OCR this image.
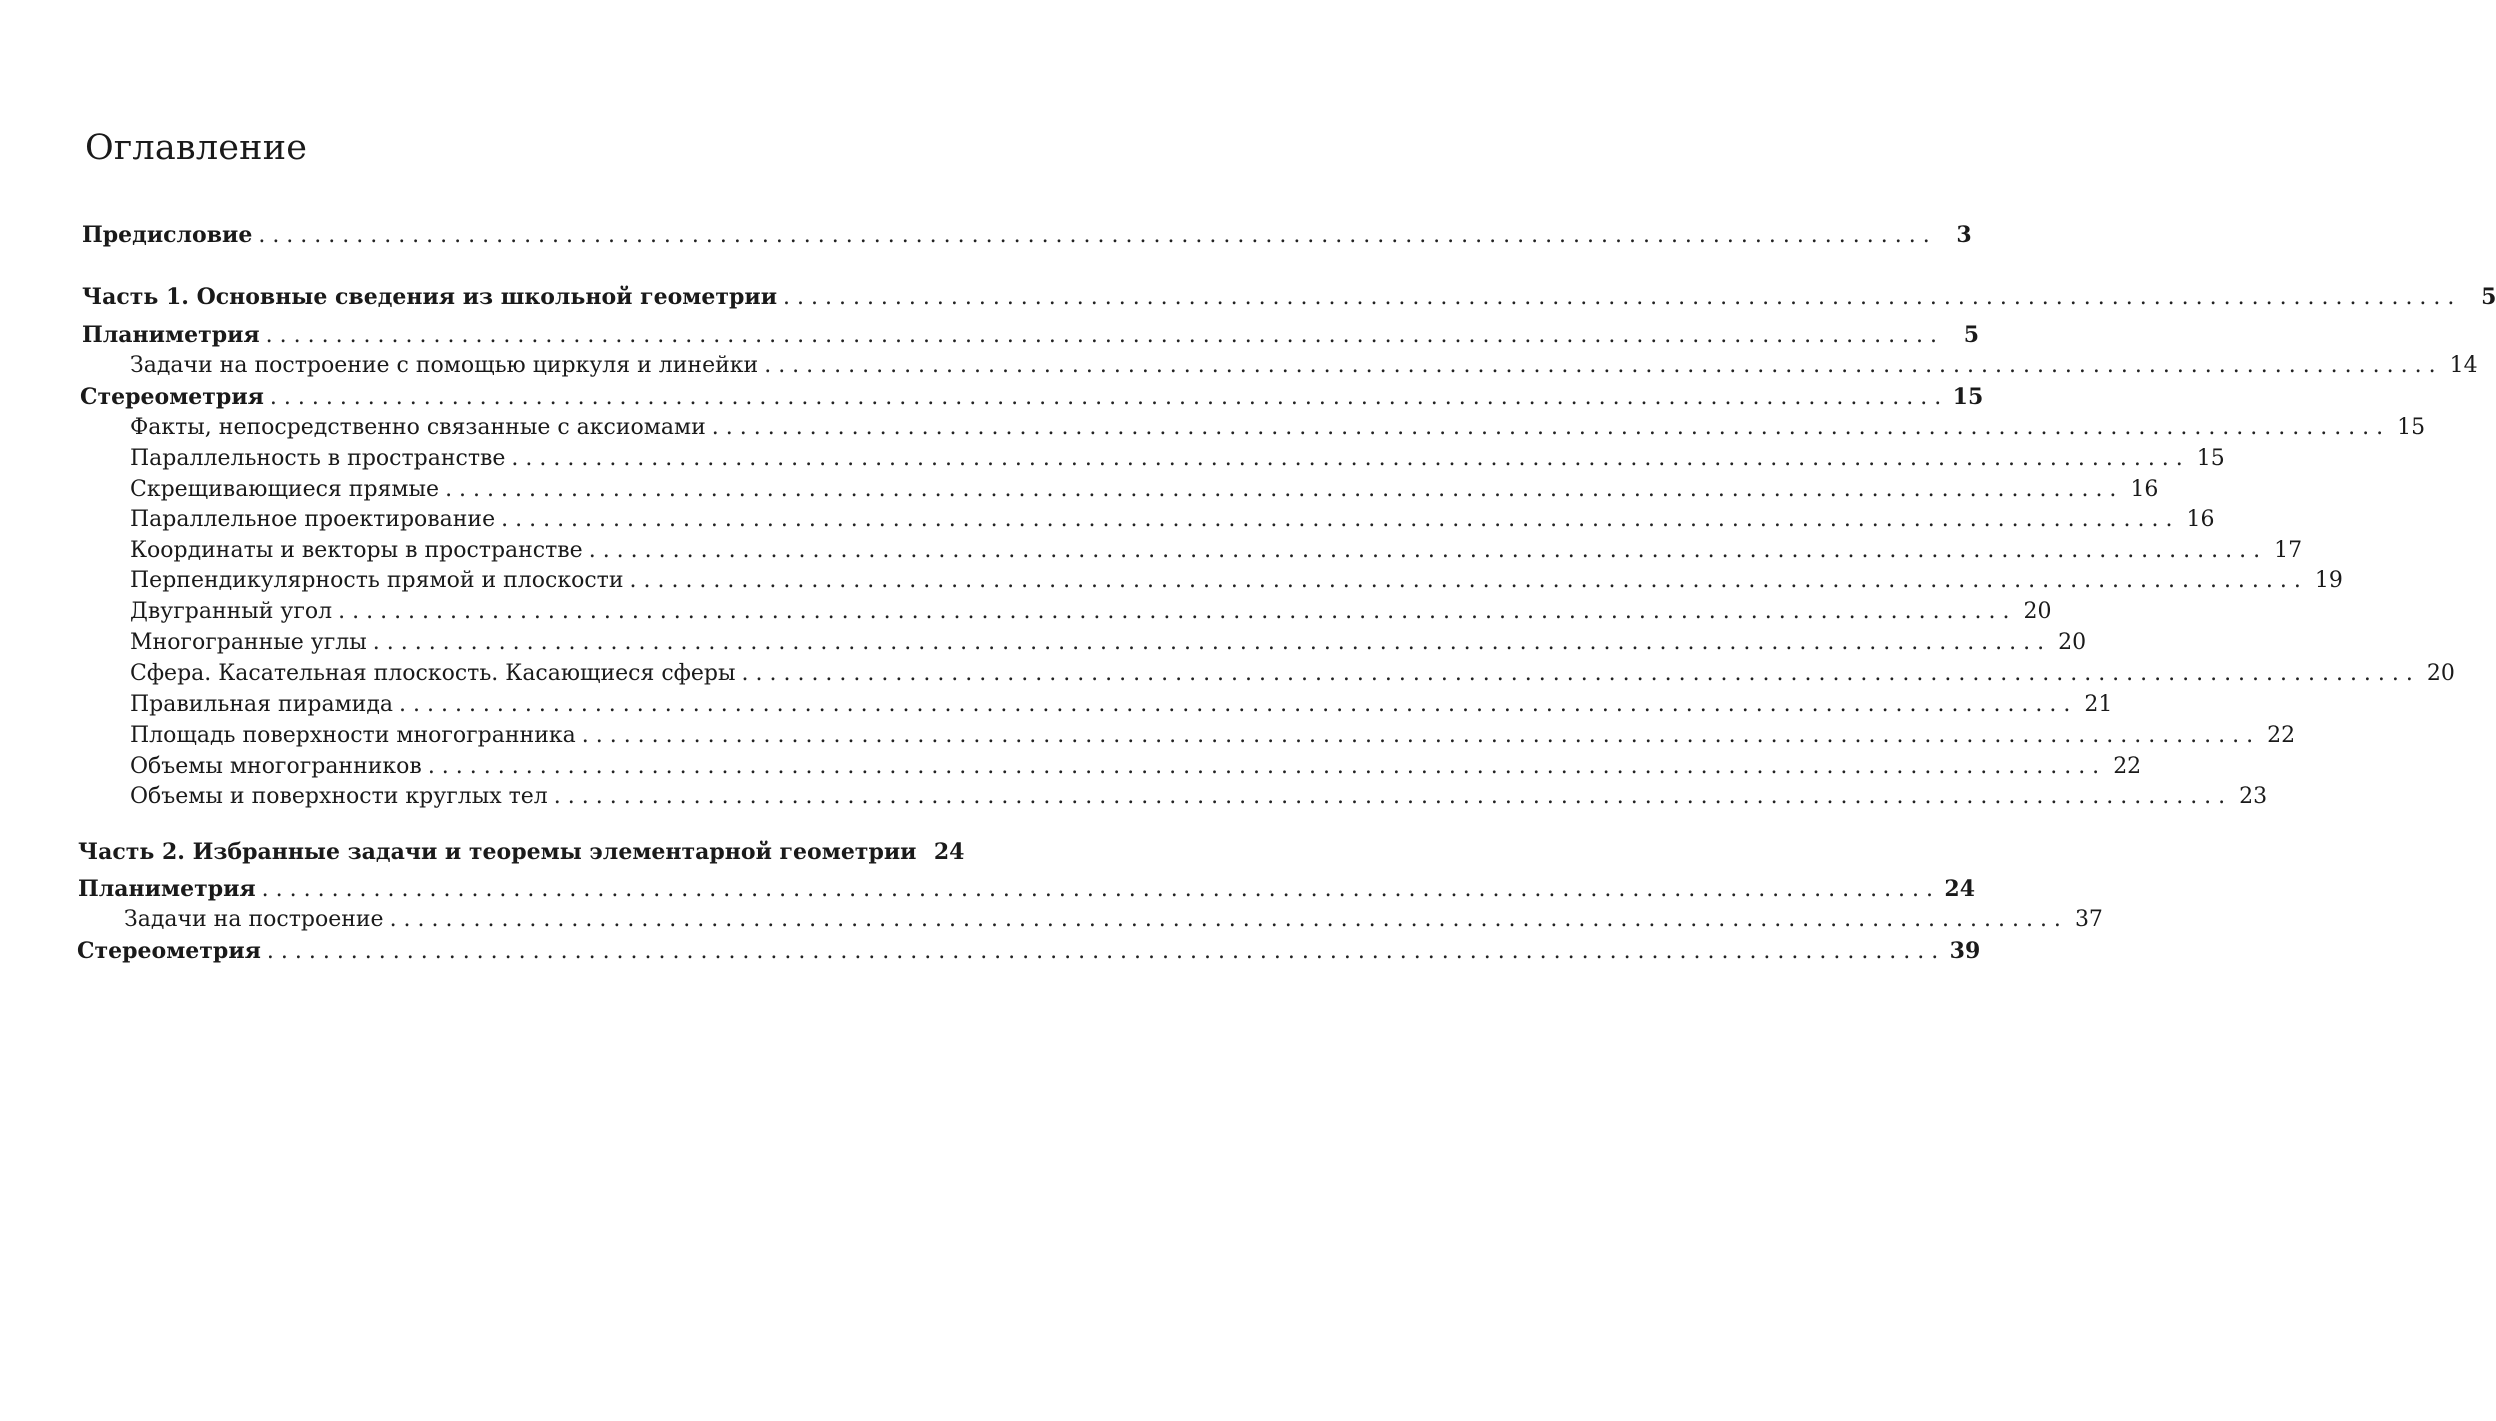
Оглавление
Предисловие . . . . . . . . . . . . . . . . . . . . . . . . . . . . . . . . . . . . . . . . . . . . . . . . . . . . . . . . . . . . . . . . . . . . . . . . . . . . . . . . . . . . . . . . . . . . . . . . . . . . . . . . . . . . . . . . . . . . . . . .	3
Часть 1. Основные сведения из школьной геометрии . . . . . . . . . . . . . . . . . . . . . . . . . . . . . . . . . . . . . . . . . . . . . . . . . . . . . . . . . . . . . . . . . . . . . . . . . . . . . . . . . . . . . . . . . . . . . . . . . . . . . . . . . . . . . . . . . . . . . . . .	5
Планиметрия . . . . . . . . . . . . . . . . . . . . . . . . . . . . . . . . . . . . . . . . . . . . . . . . . . . . . . . . . . . . . . . . . . . . . . . . . . . . . . . . . . . . . . . . . . . . . . . . . . . . . . . . . . . . . . . . . . . . . . . .	5
Задачи на построение с помощью циркуля и линейки . . . . . . . . . . . . . . . . . . . . . . . . . . . . . . . . . . . . . . . . . . . . . . . . . . . . . . . . . . . . . . . . . . . . . . . . . . . . . . . . . . . . . . . . . . . . . . . . . . . . . . . . . . . . . . . . . . . . . . . . 14
Стереометрия . . . . . . . . . . . . . . . . . . . . . . . . . . . . . . . . . . . . . . . . . . . . . . . . . . . . . . . . . . . . . . . . . . . . . . . . . . . . . . . . . . . . . . . . . . . . . . . . . . . . . . . . . . . . . . . . . . . . . . . . 15
Факты, непосредственно связанные с аксиомами . . . . . . . . . . . . . . . . . . . . . . . . . . . . . . . . . . . . . . . . . . . . . . . . . . . . . . . . . . . . . . . . . . . . . . . . . . . . . . . . . . . . . . . . . . . . . . . . . . . . . . . . . . . . . . . . . . . . . . . . 15
Параллельность в пространстве . . . . . . . . . . . . . . . . . . . . . . . . . . . . . . . . . . . . . . . . . . . . . . . . . . . . . . . . . . . . . . . . . . . . . . . . . . . . . . . . . . . . . . . . . . . . . . . . . . . . . . . . . . . . . . . . . . . . . . . . 15
Скрещивающиеся прямые . . . . . . . . . . . . . . . . . . . . . . . . . . . . . . . . . . . . . . . . . . . . . . . . . . . . . . . . . . . . . . . . . . . . . . . . . . . . . . . . . . . . . . . . . . . . . . . . . . . . . . . . . . . . . . . . . . . . . . . . 16
Параллельное проектирование . . . . . . . . . . . . . . . . . . . . . . . . . . . . . . . . . . . . . . . . . . . . . . . . . . . . . . . . . . . . . . . . . . . . . . . . . . . . . . . . . . . . . . . . . . . . . . . . . . . . . . . . . . . . . . . . . . . . . . . . 16
Координаты и векторы в пространстве . . . . . . . . . . . . . . . . . . . . . . . . . . . . . . . . . . . . . . . . . . . . . . . . . . . . . . . . . . . . . . . . . . . . . . . . . . . . . . . . . . . . . . . . . . . . . . . . . . . . . . . . . . . . . . . . . . . . . . . . 17
Перпендикулярность прямой и плоскости . . . . . . . . . . . . . . . . . . . . . . . . . . . . . . . . . . . . . . . . . . . . . . . . . . . . . . . . . . . . . . . . . . . . . . . . . . . . . . . . . . . . . . . . . . . . . . . . . . . . . . . . . . . . . . . . . . . . . . . . 19
Двугранный угол . . . . . . . . . . . . . . . . . . . . . . . . . . . . . . . . . . . . . . . . . . . . . . . . . . . . . . . . . . . . . . . . . . . . . . . . . . . . . . . . . . . . . . . . . . . . . . . . . . . . . . . . . . . . . . . . . . . . . . . . 20
Многогранные углы . . . . . . . . . . . . . . . . . . . . . . . . . . . . . . . . . . . . . . . . . . . . . . . . . . . . . . . . . . . . . . . . . . . . . . . . . . . . . . . . . . . . . . . . . . . . . . . . . . . . . . . . . . . . . . . . . . . . . . . . 20
Сфера. Касательная плоскость. Касающиеся сферы . . . . . . . . . . . . . . . . . . . . . . . . . . . . . . . . . . . . . . . . . . . . . . . . . . . . . . . . . . . . . . . . . . . . . . . . . . . . . . . . . . . . . . . . . . . . . . . . . . . . . . . . . . . . . . . . . . . . . . . . 20
Правильная пирамида . . . . . . . . . . . . . . . . . . . . . . . . . . . . . . . . . . . . . . . . . . . . . . . . . . . . . . . . . . . . . . . . . . . . . . . . . . . . . . . . . . . . . . . . . . . . . . . . . . . . . . . . . . . . . . . . . . . . . . . . 21
Площадь поверхности многогранника . . . . . . . . . . . . . . . . . . . . . . . . . . . . . . . . . . . . . . . . . . . . . . . . . . . . . . . . . . . . . . . . . . . . . . . . . . . . . . . . . . . . . . . . . . . . . . . . . . . . . . . . . . . . . . . . . . . . . . . . 22
Объемы многогранников . . . . . . . . . . . . . . . . . . . . . . . . . . . . . . . . . . . . . . . . . . . . . . . . . . . . . . . . . . . . . . . . . . . . . . . . . . . . . . . . . . . . . . . . . . . . . . . . . . . . . . . . . . . . . . . . . . . . . . . . 22
Объемы и поверхности круглых тел . . . . . . . . . . . . . . . . . . . . . . . . . . . . . . . . . . . . . . . . . . . . . . . . . . . . . . . . . . . . . . . . . . . . . . . . . . . . . . . . . . . . . . . . . . . . . . . . . . . . . . . . . . . . . . . . . . . . . . . . 23
Часть 2. Избранные задачи и теоремы элементарной геометрии 24
Планиметрия . . . . . . . . . . . . . . . . . . . . . . . . . . . . . . . . . . . . . . . . . . . . . . . . . . . . . . . . . . . . . . . . . . . . . . . . . . . . . . . . . . . . . . . . . . . . . . . . . . . . . . . . . . . . . . . . . . . . . . . . 24
Задачи на построение . . . . . . . . . . . . . . . . . . . . . . . . . . . . . . . . . . . . . . . . . . . . . . . . . . . . . . . . . . . . . . . . . . . . . . . . . . . . . . . . . . . . . . . . . . . . . . . . . . . . . . . . . . . . . . . . . . . . . . . . 37
Стереометрия . . . . . . . . . . . . . . . . . . . . . . . . . . . . . . . . . . . . . . . . . . . . . . . . . . . . . . . . . . . . . . . . . . . . . . . . . . . . . . . . . . . . . . . . . . . . . . . . . . . . . . . . . . . . . . . . . . . . . . . . 39
